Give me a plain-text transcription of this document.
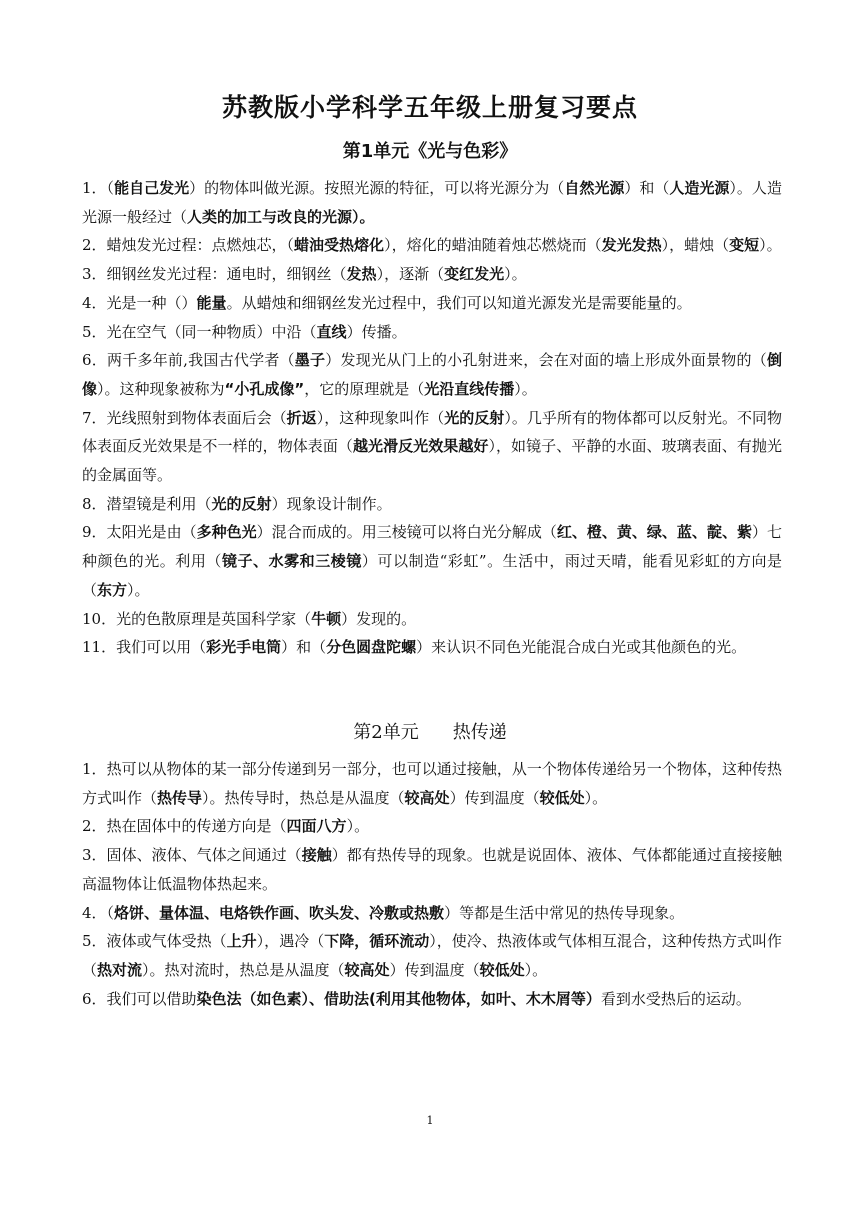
苏教版小学科学五年级上册复习要点
第1单元《光与色彩》

1．（能自己发光）的物体叫做光源。按照光源的特征，可以将光源分为（自然光源）和（人造光源）。人造光源一般经过（人类的加工与改良的光源）。

2．蜡烛发光过程：点燃烛芯，（蜡油受热熔化），熔化的蜡油随着烛芯燃烧而（发光发热），蜡烛（变短）。

3．细钢丝发光过程：通电时，细钢丝（发热），逐渐（变红发光）。

4．光是一种（）能量。从蜡烛和细钢丝发光过程中，我们可以知道光源发光是需要能量的。

5．光在空气（同一种物质）中沿（直线）传播。

6．两千多年前,我国古代学者（墨子）发现光从门上的小孔射进来，会在对面的墙上形成外面景物的（倒像）。这种现象被称为“小孔成像”，它的原理就是（光沿直线传播）。

7．光线照射到物体表面后会（折返），这种现象叫作（光的反射）。几乎所有的物体都可以反射光。不同物体表面反光效果是不一样的，物体表面（越光滑反光效果越好），如镜子、平静的水面、玻璃表面、有抛光的金属面等。

8．潜望镜是利用（光的反射）现象设计制作。

9．太阳光是由（多种色光）混合而成的。用三棱镜可以将白光分解成（红、橙、黄、绿、蓝、靛、紫）七种颜色的光。利用（镜子、水雾和三棱镜）可以制造“彩虹”。生活中，雨过天晴，能看见彩虹的方向是（东方）。

10．光的色散原理是英国科学家（牛顿）发现的。

11．我们可以用（彩光手电筒）和（分色圆盘陀螺）来认识不同色光能混合成白光或其他颜色的光。

第2单元 热传递

1．热可以从物体的某一部分传递到另一部分，也可以通过接触，从一个物体传递给另一个物体，这种传热方式叫作（热传导）。热传导时，热总是从温度（较高处）传到温度（较低处）。

2．热在固体中的传递方向是（四面八方）。

3．固体、液体、气体之间通过（接触）都有热传导的现象。也就是说固体、液体、气体都能通过直接接触高温物体让低温物体热起来。

4．（烙饼、量体温、电烙铁作画、吹头发、冷敷或热敷）等都是生活中常见的热传导现象。

5．液体或气体受热（上升），遇冷（下降，循环流动），使冷、热液体或气体相互混合，这种传热方式叫作（热对流）。热对流时，热总是从温度（较高处）传到温度（较低处）。

6．我们可以借助染色法（如色素）、借助法(利用其他物体，如叶、木木屑等）看到水受热后的运动。

1
